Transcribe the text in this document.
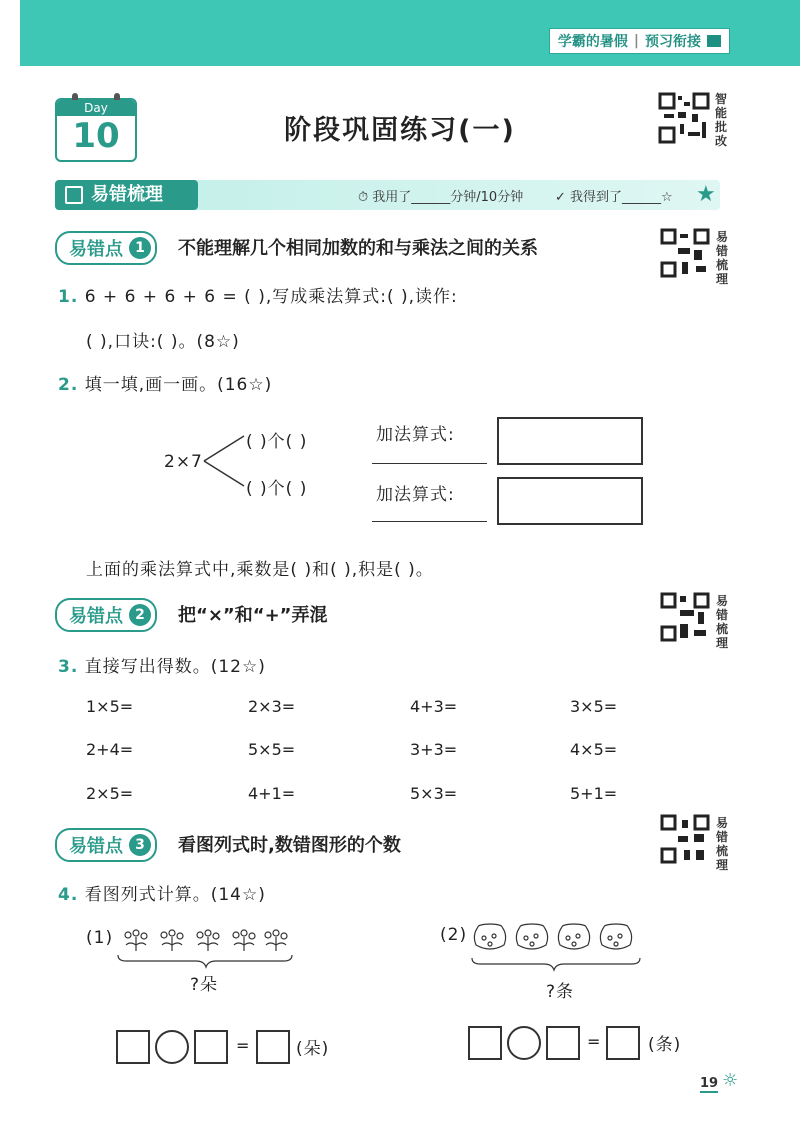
学霸的暑假 | 预习衔接
Day
10	阶段巩固练习(一)
智
能
批
改
易错梳理	⏱ 我用了______分钟/10分钟 ✓ 我得到了______☆ ★
易错点 1	不能理解几个相同加数的和与乘法之间的关系
易
错
梳
理
1. 6 + 6 + 6 + 6 = ( ),写成乘法算式:( ),读作:
( ),口诀:( )。(8☆)
2. 填一填,画一画。(16☆)
2×7
( )个( )
( )个( )
加法算式:
加法算式:
上面的乘法算式中,乘数是( )和( ),积是( )。
易错点 2	把“×”和“+”弄混
易
错
梳
理
3. 直接写出得数。(12☆)
1×5=	2×3=	4+3=	3×5=
2+4=	5×5=	3+3=	4×5=
2×5=	4+1=	5×3=	5+1=
易错点 3	看图列式时,数错图形的个数
易
错
梳
理
4. 看图列式计算。(14☆)
(1)
?朵
(2)
?条
=	(朵)	=	(条)
19 ☼
